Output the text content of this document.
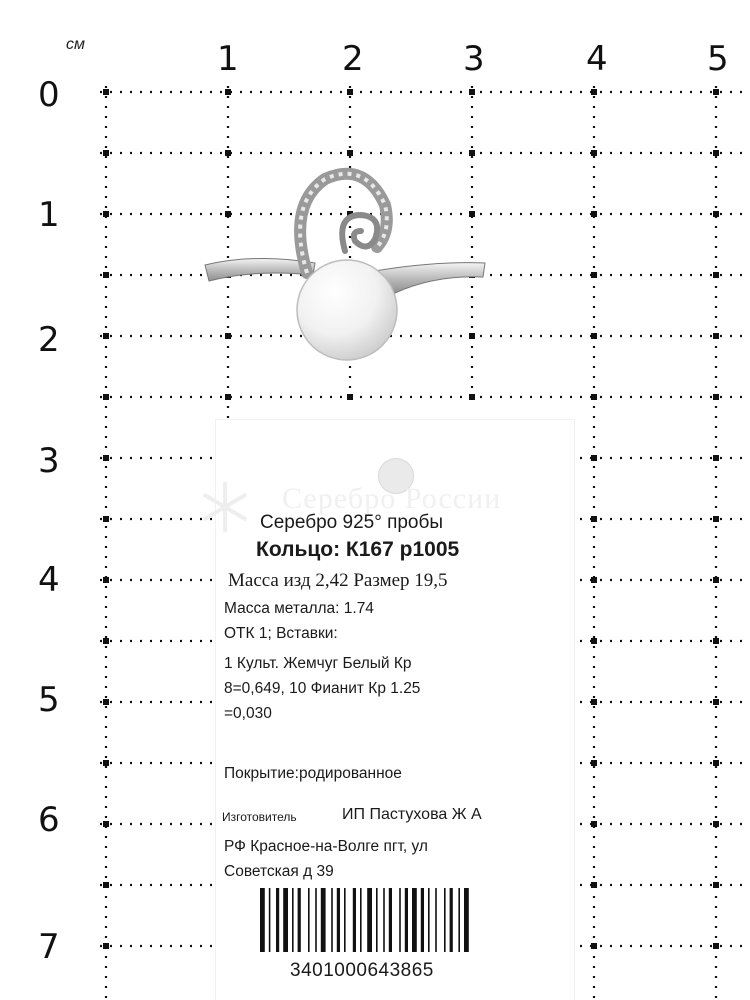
см	1	2	3	4	5
0
1
2
3
4
5
6
7
Серебро России
Серебро 925° пробы
Кольцо: К167 р1005
Масса изд 2,42 Размер 19,5
Масса металла: 1.74
ОТК 1; Вставки:
1 Культ. Жемчуг Белый Кр
8=0,649, 10 Фианит Кр 1.25
=0,030
Покрытие:родированное
Изготовитель	ИП Пастухова Ж А
РФ Красное-на-Волге пгт, ул
Советская д 39
3401000643865
